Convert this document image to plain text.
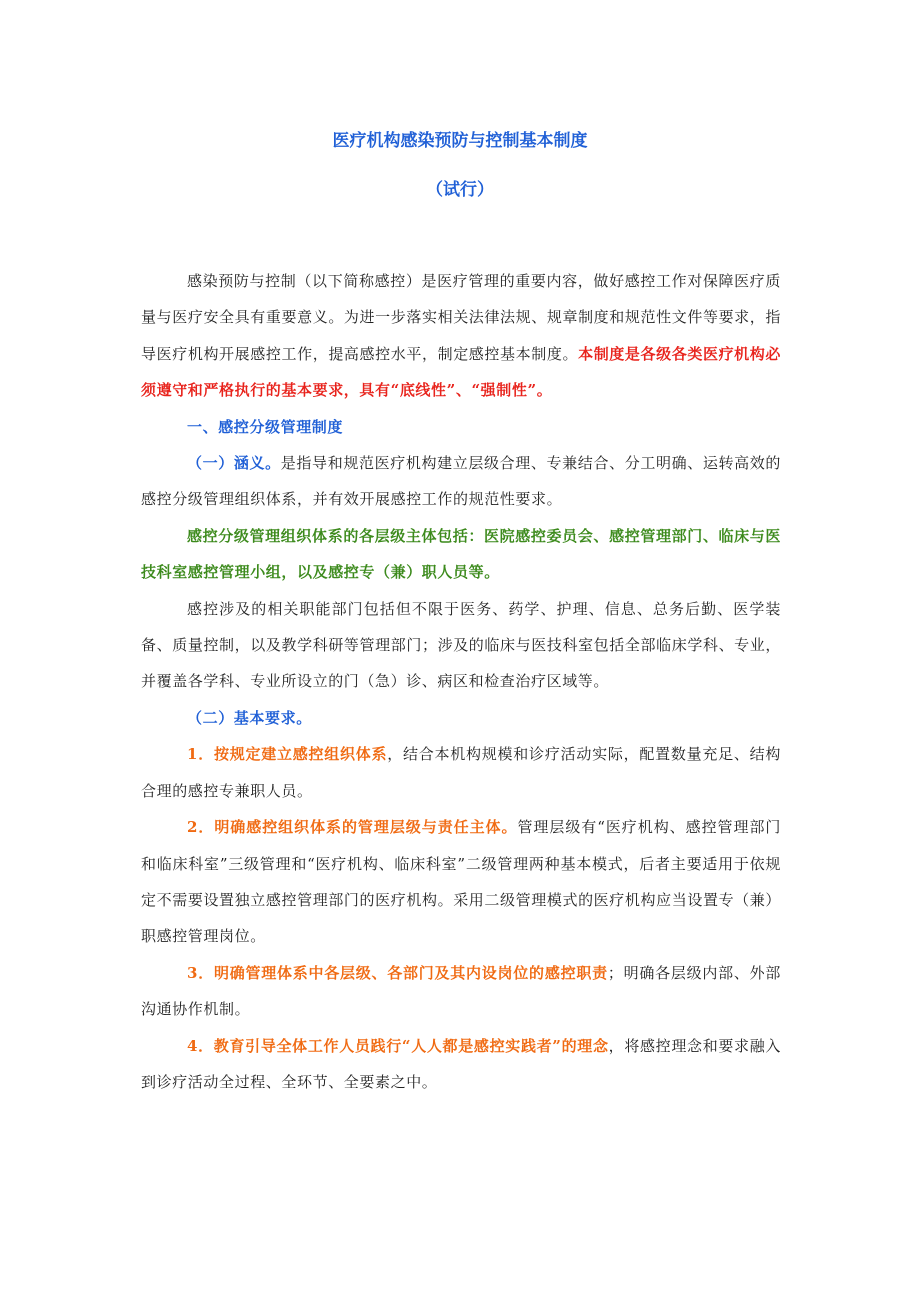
医疗机构感染预防与控制基本制度
（试行）

感染预防与控制（以下简称感控）是医疗管理的重要内容，做好感控工作对保障医疗质量与医疗安全具有重要意义。为进一步落实相关法律法规、规章制度和规范性文件等要求，指导医疗机构开展感控工作，提高感控水平，制定感控基本制度。本制度是各级各类医疗机构必须遵守和严格执行的基本要求，具有“底线性”、“强制性”。

一、感控分级管理制度

（一）涵义。是指导和规范医疗机构建立层级合理、专兼结合、分工明确、运转高效的感控分级管理组织体系，并有效开展感控工作的规范性要求。

感控分级管理组织体系的各层级主体包括：医院感控委员会、感控管理部门、临床与医技科室感控管理小组，以及感控专（兼）职人员等。

感控涉及的相关职能部门包括但不限于医务、药学、护理、信息、总务后勤、医学装备、质量控制，以及教学科研等管理部门；涉及的临床与医技科室包括全部临床学科、专业，并覆盖各学科、专业所设立的门（急）诊、病区和检查治疗区域等。

（二）基本要求。

1．按规定建立感控组织体系，结合本机构规模和诊疗活动实际，配置数量充足、结构合理的感控专兼职人员。

2．明确感控组织体系的管理层级与责任主体。管理层级有“医疗机构、感控管理部门和临床科室”三级管理和“医疗机构、临床科室”二级管理两种基本模式，后者主要适用于依规定不需要设置独立感控管理部门的医疗机构。采用二级管理模式的医疗机构应当设置专（兼）职感控管理岗位。

3．明确管理体系中各层级、各部门及其内设岗位的感控职责；明确各层级内部、外部沟通协作机制。

4．教育引导全体工作人员践行“人人都是感控实践者”的理念，将感控理念和要求融入到诊疗活动全过程、全环节、全要素之中。
